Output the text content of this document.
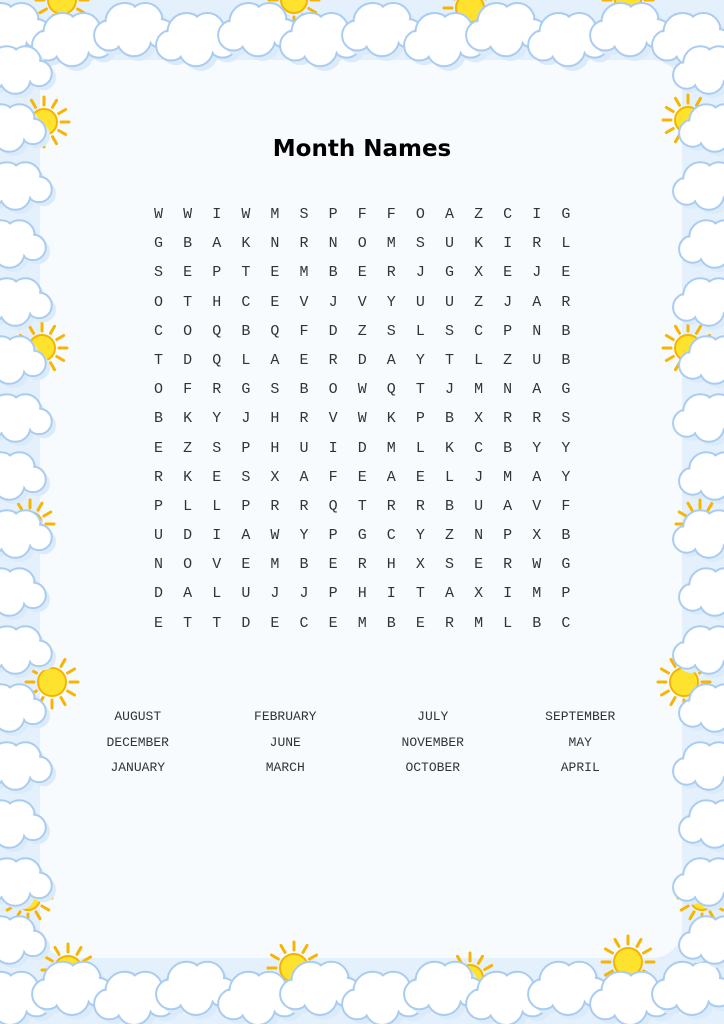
Month Names
W	W	I	W	M	S	P	F	F	O	A	Z	C	I	G
G	B	A	K	N	R	N	O	M	S	U	K	I	R	L
S	E	P	T	E	M	B	E	R	J	G	X	E	J	E
O	T	H	C	E	V	J	V	Y	U	U	Z	J	A	R
C	O	Q	B	Q	F	D	Z	S	L	S	C	P	N	B
T	D	Q	L	A	E	R	D	A	Y	T	L	Z	U	B
O	F	R	G	S	B	O	W	Q	T	J	M	N	A	G
B	K	Y	J	H	R	V	W	K	P	B	X	R	R	S
E	Z	S	P	H	U	I	D	M	L	K	C	B	Y	Y
R	K	E	S	X	A	F	E	A	E	L	J	M	A	Y
P	L	L	P	R	R	Q	T	R	R	B	U	A	V	F
U	D	I	A	W	Y	P	G	C	Y	Z	N	P	X	B
N	O	V	E	M	B	E	R	H	X	S	E	R	W	G
D	A	L	U	J	J	P	H	I	T	A	X	I	M	P
E	T	T	D	E	C	E	M	B	E	R	M	L	B	C
AUGUST	FEBRUARY	JULY	SEPTEMBER
DECEMBER	JUNE	NOVEMBER	MAY
JANUARY	MARCH	OCTOBER	APRIL
